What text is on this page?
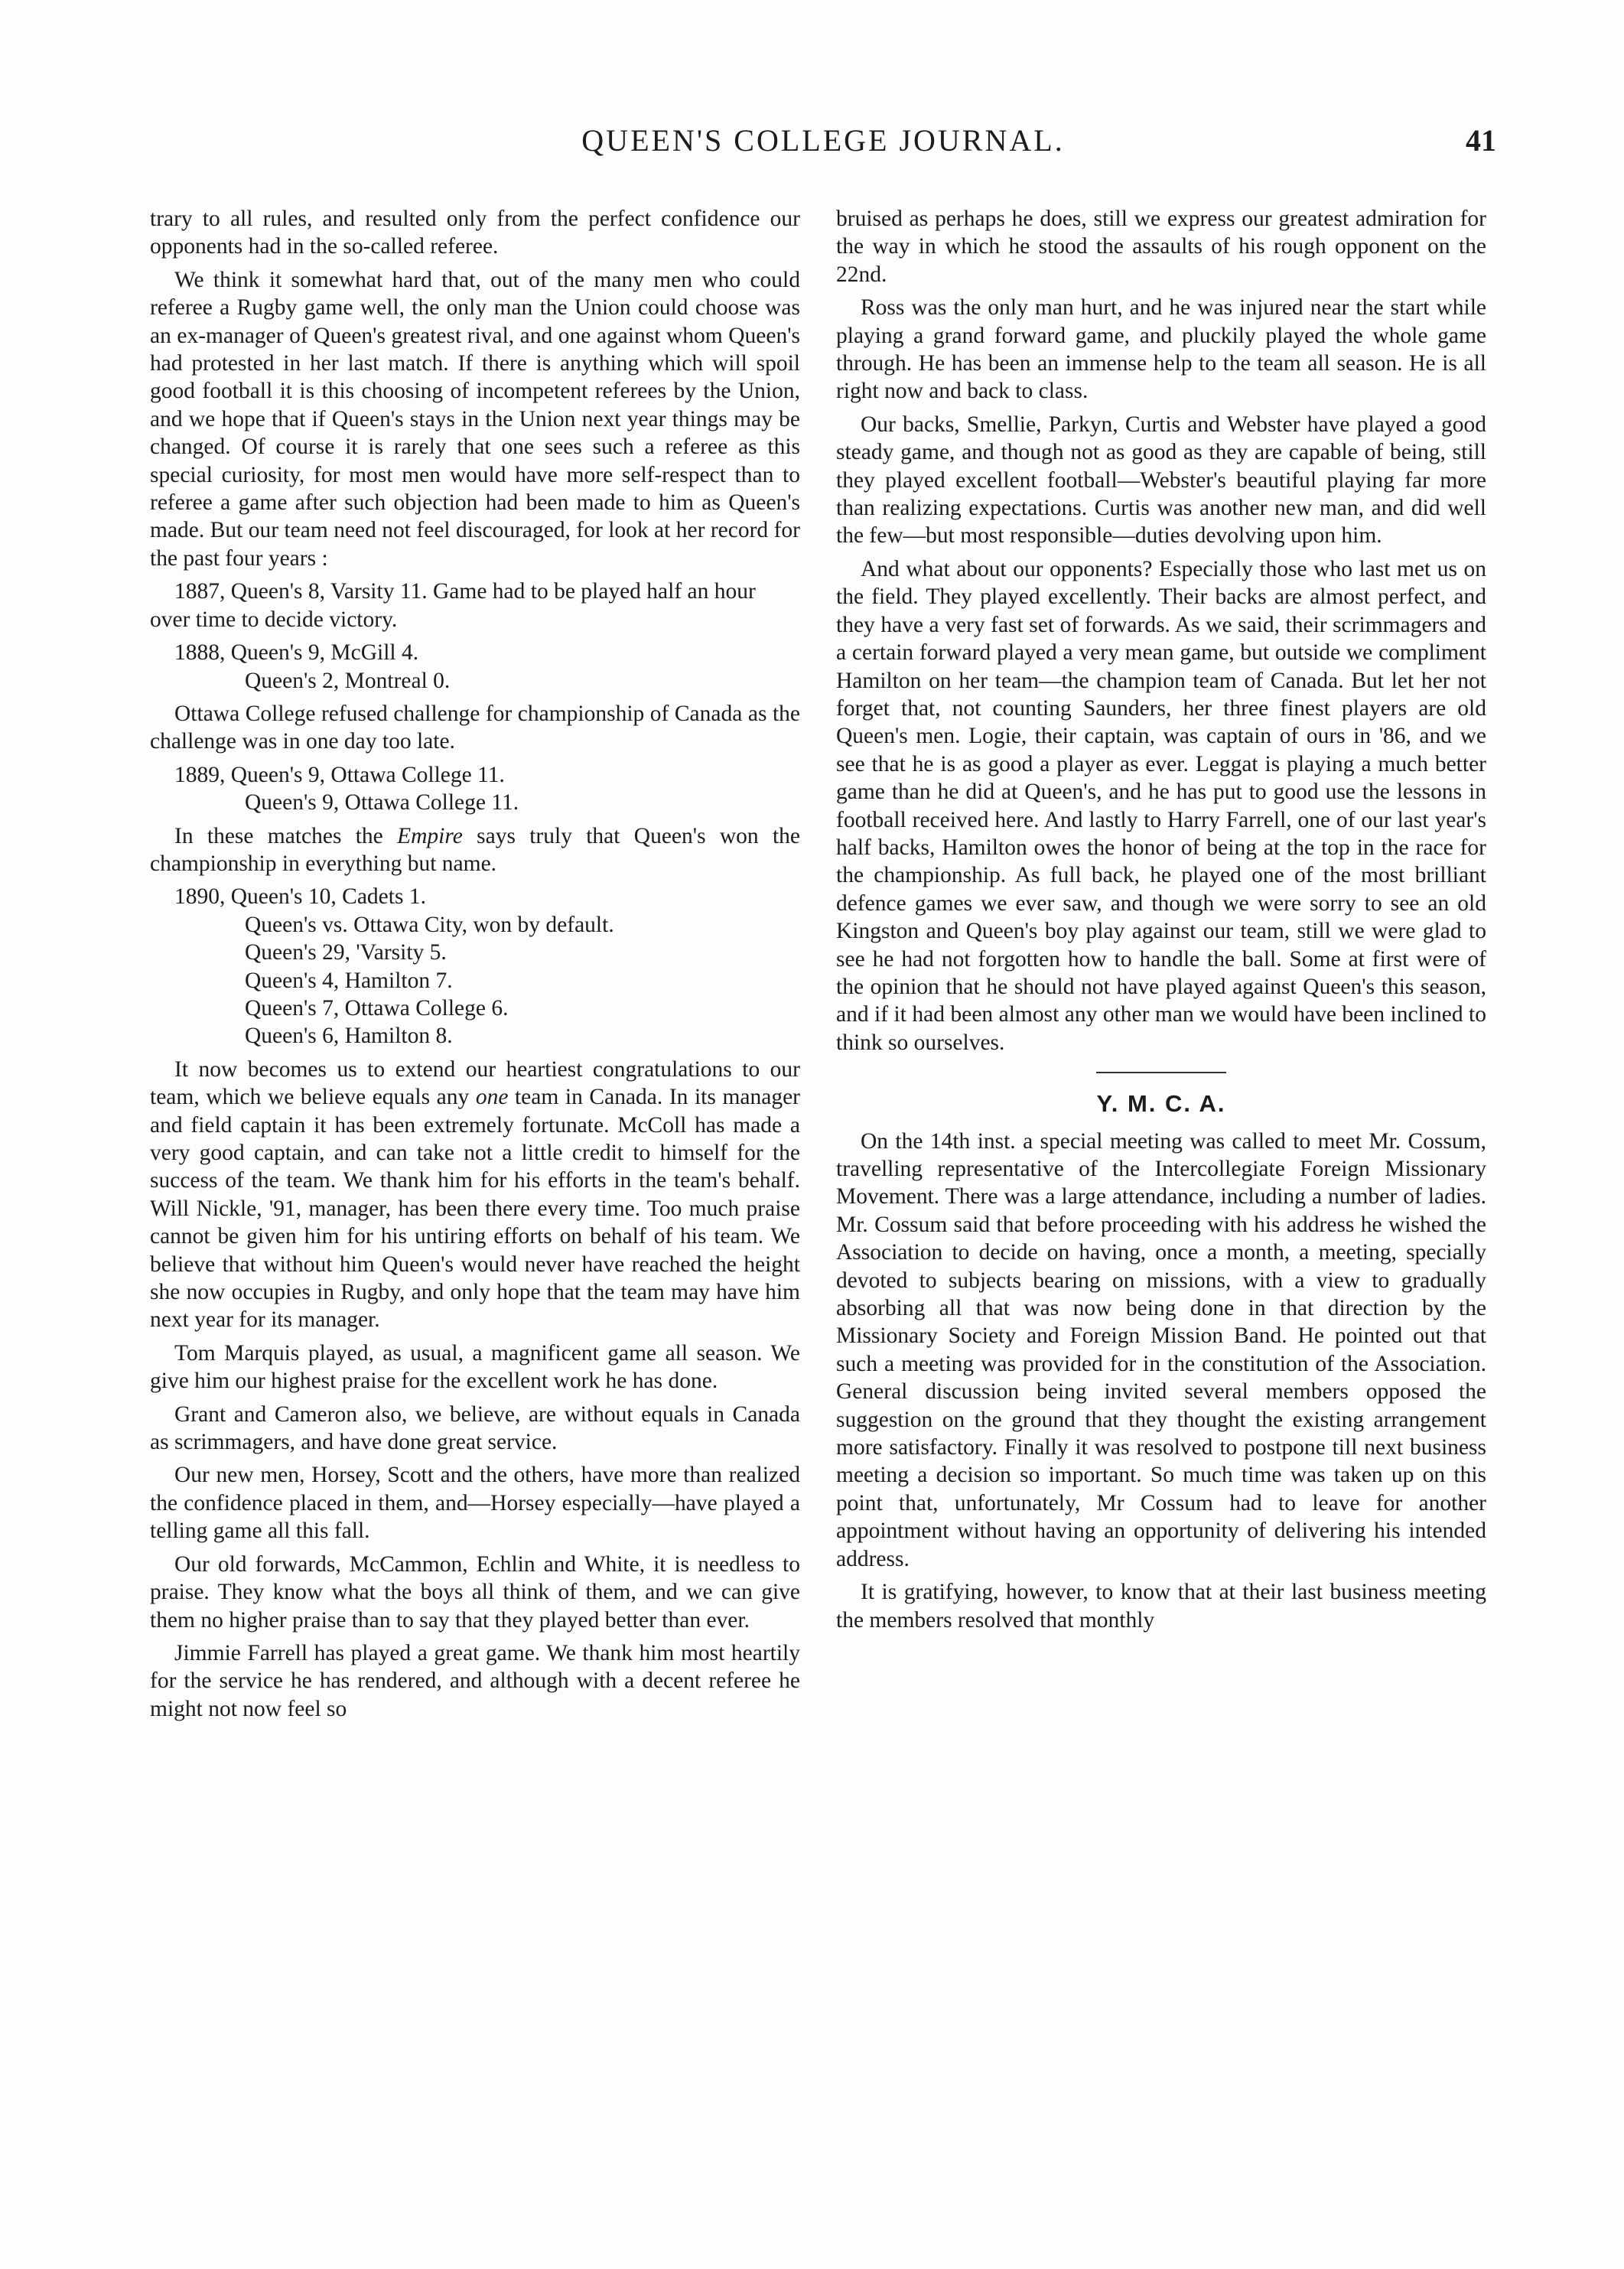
QUEEN'S COLLEGE JOURNAL.	41

trary to all rules, and resulted only from the perfect confidence our opponents had in the so-called referee.

We think it somewhat hard that, out of the many men who could referee a Rugby game well, the only man the Union could choose was an ex-manager of Queen's greatest rival, and one against whom Queen's had protested in her last match. If there is anything which will spoil good football it is this choosing of incompetent referees by the Union, and we hope that if Queen's stays in the Union next year things may be changed. Of course it is rarely that one sees such a referee as this special curiosity, for most men would have more self-respect than to referee a game after such objection had been made to him as Queen's made. But our team need not feel discouraged, for look at her record for the past four years :

1887, Queen's 8, Varsity 11. Game had to be played half an hour over time to decide victory.

1888, Queen's 9, McGill 4.

Queen's 2, Montreal 0.

Ottawa College refused challenge for championship of Canada as the challenge was in one day too late.

1889, Queen's 9, Ottawa College 11.

Queen's 9, Ottawa College 11.

In these matches the Empire says truly that Queen's won the championship in everything but name.

1890, Queen's 10, Cadets 1.

Queen's vs. Ottawa City, won by default.

Queen's 29, 'Varsity 5.

Queen's 4, Hamilton 7.

Queen's 7, Ottawa College 6.

Queen's 6, Hamilton 8.

It now becomes us to extend our heartiest congratulations to our team, which we believe equals any one team in Canada. In its manager and field captain it has been extremely fortunate. McColl has made a very good captain, and can take not a little credit to himself for the success of the team. We thank him for his efforts in the team's behalf. Will Nickle, '91, manager, has been there every time. Too much praise cannot be given him for his untiring efforts on behalf of his team. We believe that without him Queen's would never have reached the height she now occupies in Rugby, and only hope that the team may have him next year for its manager.

Tom Marquis played, as usual, a magnificent game all season. We give him our highest praise for the excellent work he has done.

Grant and Cameron also, we believe, are without equals in Canada as scrimmagers, and have done great service.

Our new men, Horsey, Scott and the others, have more than realized the confidence placed in them, and—Horsey especially—have played a telling game all this fall.

Our old forwards, McCammon, Echlin and White, it is needless to praise. They know what the boys all think of them, and we can give them no higher praise than to say that they played better than ever.

Jimmie Farrell has played a great game. We thank him most heartily for the service he has rendered, and although with a decent referee he might not now feel so

bruised as perhaps he does, still we express our greatest admiration for the way in which he stood the assaults of his rough opponent on the 22nd.

Ross was the only man hurt, and he was injured near the start while playing a grand forward game, and pluckily played the whole game through. He has been an immense help to the team all season. He is all right now and back to class.

Our backs, Smellie, Parkyn, Curtis and Webster have played a good steady game, and though not as good as they are capable of being, still they played excellent football—Webster's beautiful playing far more than realizing expectations. Curtis was another new man, and did well the few—but most responsible—duties devolving upon him.

And what about our opponents? Especially those who last met us on the field. They played excellently. Their backs are almost perfect, and they have a very fast set of forwards. As we said, their scrimmagers and a certain forward played a very mean game, but outside we compliment Hamilton on her team—the champion team of Canada. But let her not forget that, not counting Saunders, her three finest players are old Queen's men. Logie, their captain, was captain of ours in '86, and we see that he is as good a player as ever. Leggat is playing a much better game than he did at Queen's, and he has put to good use the lessons in football received here. And lastly to Harry Farrell, one of our last year's half backs, Hamilton owes the honor of being at the top in the race for the championship. As full back, he played one of the most brilliant defence games we ever saw, and though we were sorry to see an old Kingston and Queen's boy play against our team, still we were glad to see he had not forgotten how to handle the ball. Some at first were of the opinion that he should not have played against Queen's this season, and if it had been almost any other man we would have been inclined to think so ourselves.

Y. M. C. A.

On the 14th inst. a special meeting was called to meet Mr. Cossum, travelling representative of the Intercollegiate Foreign Missionary Movement. There was a large attendance, including a number of ladies. Mr. Cossum said that before proceeding with his address he wished the Association to decide on having, once a month, a meeting, specially devoted to subjects bearing on missions, with a view to gradually absorbing all that was now being done in that direction by the Missionary Society and Foreign Mission Band. He pointed out that such a meeting was provided for in the constitution of the Association. General discussion being invited several members opposed the suggestion on the ground that they thought the existing arrangement more satisfactory. Finally it was resolved to postpone till next business meeting a decision so important. So much time was taken up on this point that, unfortunately, Mr Cossum had to leave for another appointment without having an opportunity of delivering his intended address.

It is gratifying, however, to know that at their last business meeting the members resolved that monthly
